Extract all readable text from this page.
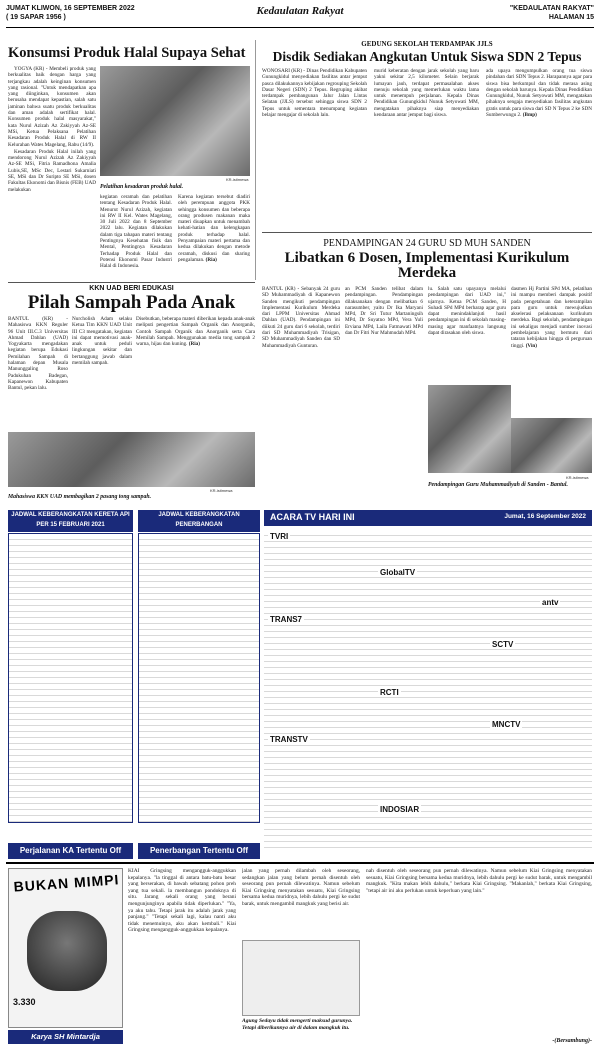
JUMAT KLIWON, 16 SEPTEMBER 2022
( 19 SAPAR 1956 )
Kedaulatan Rakyat	"KEDAULATAN RAKYAT"
HALAMAN 15
Konsumsi Produk Halal Supaya Sehat

YOGYA (KR) - Membeli produk yang berkualitas baik dengan harga yang terjangkau adalah keinginan konsumen yang rasional. "Untuk mendapatkan apa yang diinginkan, konsumen akan berusaha mendapat kepastian, salah satu jaminan bahwa suatu produk berkualitas dan aman adalah sertifikat halal. Konsumen produk halal masyarakat," kata Nurul Azizah Az Zakiyyah Az-SE MSi, Ketua Pelaksana Pelatihan Kesadaran Produk Halal di RW II Kelurahan Wates Magelang, Rabu (14/9).

Kesadaran Produk Halal inilah yang mendorong Nurul Azizah Az Zakiyyah Az-SE MSi, Fitria Ramadhona Amalia Lubis,SE, MSc Dec, Lestari Sukarniati SE, MSi dan Dr Suripto SE MSi, dosen Fakultas Ekonomi dan Bisnis (FEB) UAD melakukan

KR-istimewa
Pelatihan kesadaran produk halal.
kegiatan ceramah dan pelatihan tentang Kesadaran Produk Halal. Menurut Nurul Azizah, kegiatan ini RW II Kel. Wates Magelang, 30 Juli 2022 dan 8 September 2022 lalu. Kegiatan dilakukan dalam tiga tahapan materi tentang Pentingnya Kesehatan fisik dan Mental, Pentingnya Kesadaran Terhadap Produk Halal dan Potensi Ekonomi Pasar Industri Halal di Indonesia.
Karena kegiatan tersebut diadiri oleh perempuan anggota PKK sehingga konsumen dan beberapa orang produsen makanan maka materi diuapkan untuk menambah kehati-hatian dan kelengkapan produk terhadap halal. Penyampaian materi pertama dan kedua dilakukan dengan metode ceramah, diskusi dan sharing pengalaman. (Ria)
GEDUNG SEKOLAH TERDAMPAK JJLS
Disdik Sediakan Angkutan Untuk Siswa SDN 2 Tepus
WONOSARI (KR) - Dinas Pendidikan Kabupaten Gunungkidul menyediakan fasilitas antar jemput pasca dilakukannya kebijakan regrouping Sekolah Dasar Negeri (SDN) 2 Tepus. Regruping akibat terdampak pembangunan Jalur Jalan Lintas Selatan (JJLS) tersebut sehingga siswa SDN 2 Tepus untuk sementara menumpang kegiatan belajar mengajar di sekolah lain.
murid keberatan dengan jarak sekolah yang baru yakni sekitar 2,5 kilometer. Selain berjarak lumayan jauh, terdapat permasalahan akses menuju sekolah yang memerlukan waktu lama untuk menempuh perjalanan. Kepala Dinas Pendidikan Gunungkidul Nunuk Setyowati MM, mengatakan pihaknya siap menyediakan kendaraan antar jemput bagi siswa.
ada upaya mengumpulkan orang tua siswa pindahan dari SDN Tepus 2. Harapannya agar para siswa bisa berkumpul dan tidak merasa asing dengan sekolah barunya. Kepala Dinas Pendidikan Gunungkidul, Nunuk Setyowati MM, mengatakan pihaknya sengaja menyediakan fasilitas angkutan gratis untuk para siswa dari SD N Tepus 2 ke SDN Sumberwungu 2. (Bmp)
PENDAMPINGAN 24 GURU SD MUH SANDEN
Libatkan 6 Dosen, Implementasi Kurikulum Merdeka
BANTUL (KR) - Sebanyak 24 guru SD Muhammadiyah di Kapanewon Sanden mengikuti pendampingan Implementasi Kurikulum Merdeka dari LPPM Universitas Ahmad Dahlan (UAD). Pendampingan ini diikuti 24 guru dari 6 sekolah, terdiri dari SD Muhammadiyah Trisigan, SD Muhammadiyah Sanden dan SD Muhammadiyah Gunturan.
an PCM Sanden telibat dalam pendampingan. Pendampingan dilaksanakan dengan melibatkan 6 narasumber, yaitu Dr Ika Maryani MPd, Dr Sri Tutur Martaningsih MPd, Dr Suyatno MPd, Vera Yuli Erviana MPd, Laila Fatmawati MPd dan Dr Fitri Nur Mahmudah MPd.
lu. Salah satu upayanya melalui pendampingan dari UAD ini," ujarnya. Ketua PCM Sanden, H Suhadi SPd MPd berharap agar guru dapat menindaklanjuti hasil pendampingan ini di sekolah masing-masing agar manfaatnya langsung dapat dirasakan oleh siswa.
dasmen Hj Partini SPd MA, pelatihan ini mampu memberi dampak positif pada pengetahuan dan keterampilan para guru untuk mewujudkan akselerasi pelaksanaan kurikulum merdeka. Bagi sekolah, pendampingan ini sekaligus menjadi sumber inovasi pembelajaran yang bermutu dari tataran kebijakan hingga di perguruan tinggi. (Vin)
KR-istimewa
Pendampingan Guru Muhammadiyah di Sanden - Bantul.
KKN UAD BERI EDUKASI
Pilah Sampah Pada Anak
BANTUL (KR) - Mahasiswa KKN Reguler 96 Unit III.C.3 Universitas Ahmad Dahlan (UAD) Yogyakarta mengadakan kegiatan berupa Edukasi Pemilahan Sampah di halaman depan Musala Manunggaling Roso Padukuhan Badegan, Kapanewon Kabupaten Bantul, pekan lalu.
Nurcholish Adam selaku Ketua Tim KKN UAD Unit III C3 mengatakan, kegiatan ini dapat memotivasi anak-anak untuk peduli lingkungan sekitar dan bertanggung jawab dalam memilah sampah.
Disebutkan, beberapa materi diberikan kepada anak-anak meliputi pengertian Sampah Organik dan Anorganik, Contoh Sampah Organik dan Anorganik serta Cara Memilah Sampah. Menggunakan media tong sampah 2 warna, hijau dan kuning. (Ria)
KR-istimewa
Mahasiswa KKN UAD membagikan 2 pasang tong sampah.
JADWAL KEBERANGKATAN KERETA API
PER 15 FEBRUARI 2021
Perjalanan KA Tertentu Off
JADWAL KEBERANGKATAN PENERBANGAN
Penerbangan Tertentu Off
ACARA TV HARI INI	Jumat, 16 September 2022
TVRI
GlobalTV
SCTV
TRANS7
RCTI
MNCTV
TRANSTV
INDOSIAR
antv
BUKAN MIMPI
3.330
Karya SH Mintardja
KIAI Gringsing mengangguk-anggukkan kepalanya. "la tinggal di antara batu-batu besar yang berserakan, di bawah sebatang pohon preh yang tua sekali. la membangun pondoknya di situ. Jarang sekali orang yang berani mengunjunginya apabila tidak diperlukan." "Ya, ya aku tahu. Tetapi jarak itu adalah jarak yang panjang." "Tetapi sekali lagi, kalau nanti aku tidak menemuinya, aku akan kembali." Kiai Gringsing mengangguk-anggukkan kepalanya.
jalan yang pernah dilambah oleh seseorang, sedangkan jalan yang belum pernah disentuh oleh seseorang pun pernah dilewatinya. Namun sebelum Kiai Gringsing menyatakan sesuatu, Kiai Gringsing bersama kedua muridnya, lebih dahulu pergi ke sudut barak, untuk mengambil mangkuk yang berisi air.
Agung Sedayu tidak mengerti maksud gurunya. Tetapi diberikannya air di dalam mangkuk itu.
nah disentuh oleh seseorang pun pernah dilewatinya. Namun sebelum Kiai Gringsing menyatakan sesuatu, Kiai Gringsing bersama kedua muridnya, lebih dahulu pergi ke sudut barak, untuk mengambil mangkuk. "Kita makan lebih dahulu," berkata Kiai Gringsing. "Makanlah," berkata Kiai Gringsing, "tetapi air ini aku perlukan untuk keperluan yang lain."
-(Bersambung)-
